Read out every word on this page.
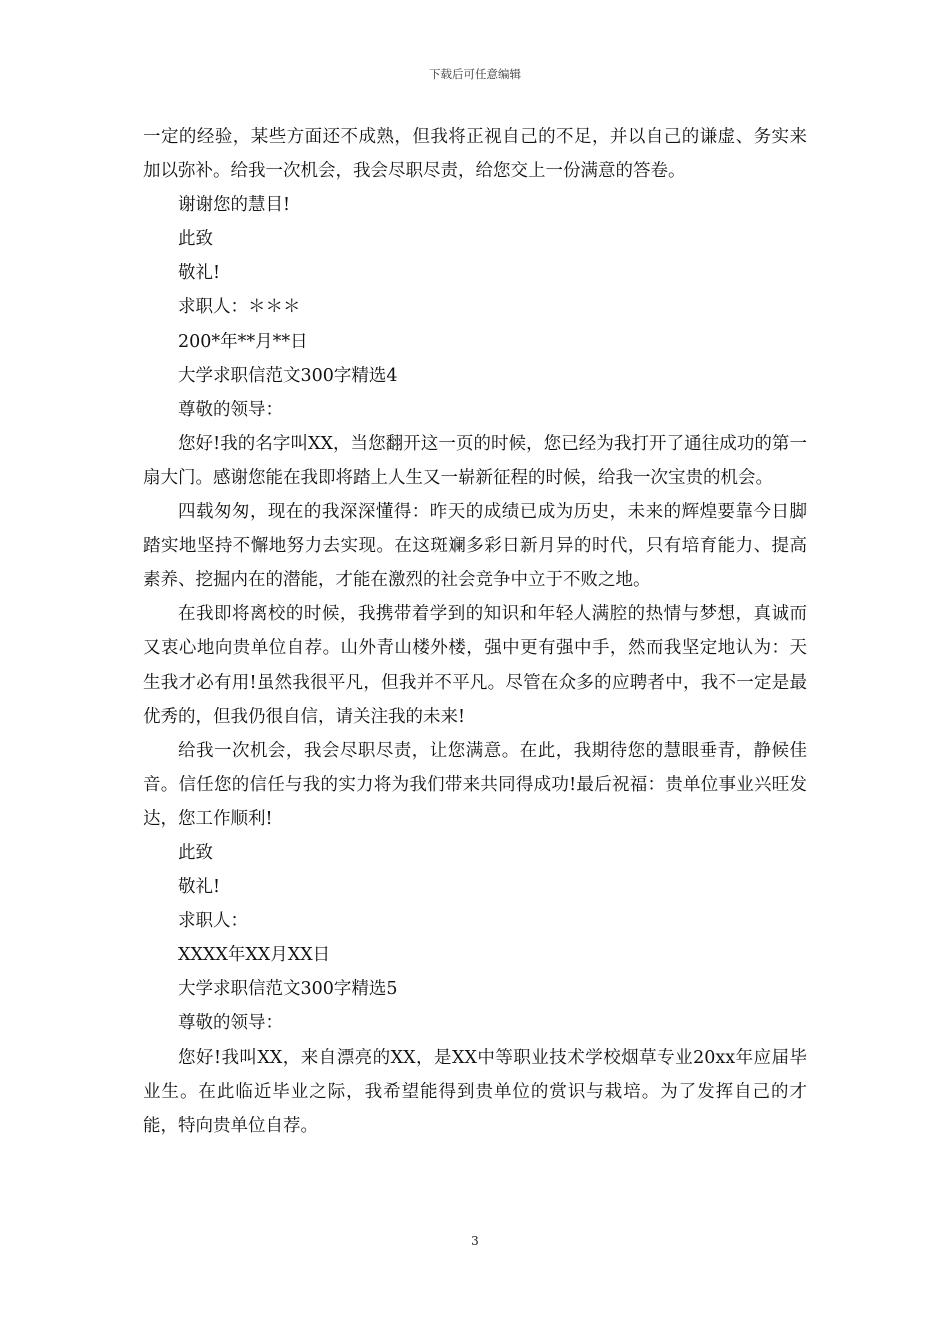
下载后可任意编辑

一定的经验，某些方面还不成熟，但我将正视自己的不足，并以自己的谦虚、务实来加以弥补。给我一次机会，我会尽职尽责，给您交上一份满意的答卷。

谢谢您的慧目!

此致

敬礼!

求职人：＊＊＊

200*年**月**日

大学求职信范文300字精选4

尊敬的领导：

您好!我的名字叫XX，当您翻开这一页的时候，您已经为我打开了通往成功的第一扇大门。感谢您能在我即将踏上人生又一崭新征程的时候，给我一次宝贵的机会。

四载匆匆，现在的我深深懂得：昨天的成绩已成为历史，未来的辉煌要靠今日脚踏实地坚持不懈地努力去实现。在这斑斓多彩日新月异的时代，只有培育能力、提高素养、挖掘内在的潜能，才能在激烈的社会竞争中立于不败之地。

在我即将离校的时候，我携带着学到的知识和年轻人满腔的热情与梦想，真诚而又衷心地向贵单位自荐。山外青山楼外楼，强中更有强中手，然而我坚定地认为：天生我才必有用!虽然我很平凡，但我并不平凡。尽管在众多的应聘者中，我不一定是最优秀的，但我仍很自信，请关注我的未来!

给我一次机会，我会尽职尽责，让您满意。在此，我期待您的慧眼垂青，静候佳音。信任您的信任与我的实力将为我们带来共同得成功!最后祝福：贵单位事业兴旺发达，您工作顺利!

此致

敬礼!

求职人：

XXXX年XX月XX日

大学求职信范文300字精选5

尊敬的领导：

您好!我叫XX，来自漂亮的XX，是XX中等职业技术学校烟草专业20xx年应届毕业生。在此临近毕业之际，我希望能得到贵单位的赏识与栽培。为了发挥自己的才能，特向贵单位自荐。

3
